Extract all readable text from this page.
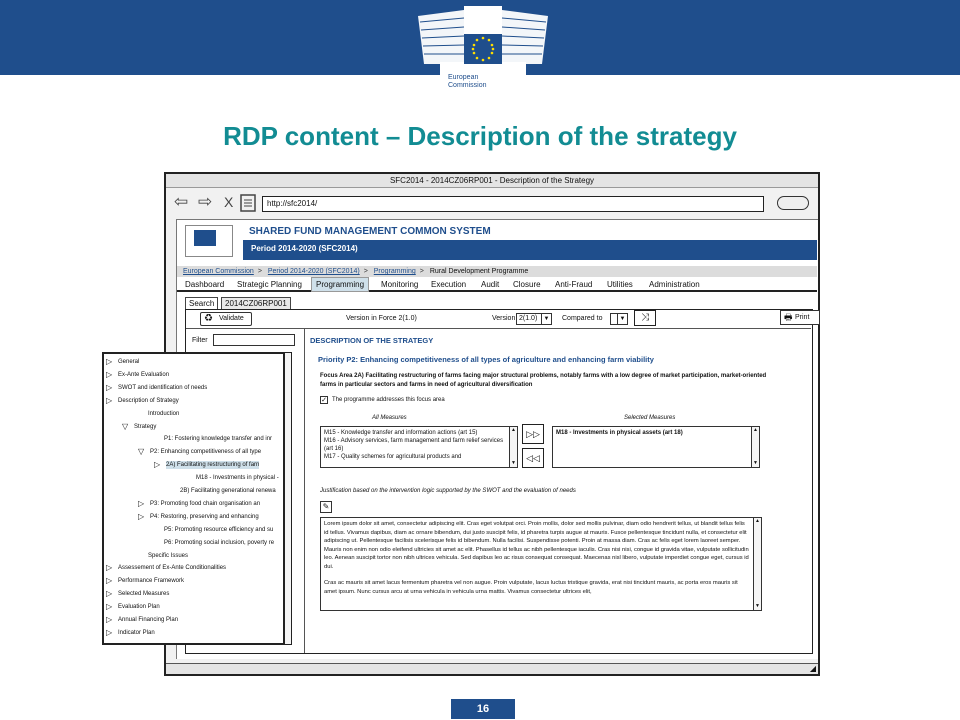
European
Commission
RDP content – Description of the strategy
SFC2014 - 2014CZ06RP001 - Description of the Strategy
⇦ ⇨ X	http://sfc2014/
SHARED FUND MANAGEMENT COMMON SYSTEM
Period 2014-2020 (SFC2014)
European Commission > Period 2014-2020 (SFC2014) > Programming > Rural Development Programme
Dashboard Strategic Planning	Programming	Monitoring Execution Audit Closure Anti-Fraud Utilities Administration
Search	2014CZ06RP001
♻ Validate	Version in Force 2(1.0)	Version 2(1.0)	▼ Compared to	▼	⤨	🖶 Print
Filter	DESCRIPTION OF THE STRATEGY
Priority P2: Enhancing competitiveness of all types of agriculture and enhancing farm viability
Focus Area 2A) Facilitating restructuring of farms facing major structural problems, notably farms with a low degree of market participation, market-oriented farms in particular sectors and farms in need of agricultural diversification
✓ The programme addresses this focus area
All Measures	Selected Measures
M15 - Knowledge transfer and information actions (art 15)
M16 - Advisory services, farm management and farm relief services (art 16)
M17 - Quality schemes for agricultural products and
▲
▼
▷▷
◁◁
M18 - Investments in physical assets (art 18)	▲
▼
Justification based on the intervention logic supported by the SWOT and the evaluation of needs
✎

Lorem ipsum dolor sit amet, consectetur adipiscing elit. Cras eget volutpat orci. Proin mollis, dolor sed mollis pulvinar, diam odio hendrerit tellus, ut blandit tellus felis id tellus. Vivamus dapibus, diam ac ornare bibendum, dui justo suscipit felis, id pharetra turpis augue at mauris. Fusce pellentesque tincidunt nulla, et consectetur elit adipiscing ut. Pellentesque facilisis scelerisque felis id bibendum. Nulla facilisi. Suspendisse potenti. Proin at massa diam. Cras ac felis eget lorem laoreet semper. Mauris non enim non odio eleifend ultricies sit amet ac elit. Phasellus id tellus ac nibh pellentesque iaculis. Cras nisi nisi, congue id gravida vitae, vulputate sollicitudin leo. Aenean suscipit tortor non nibh ultrices vehicula. Sed dapibus leo ac risus consequat consequat. Maecenas nisl libero, vulputate imperdiet congue eget, cursus id dui.

Cras ac mauris sit amet lacus fermentum pharetra vel non augue. Proin vulputate, lacus luctus tristique gravida, erat nisi tincidunt mauris, ac porta eros mauris sit amet ipsum. Nunc cursus arcu at urna vehicula in vehicula urna mattis. Vivamus consectetur ultrices elit,

▲
▼
◢
General
▷
Ex-Ante Evaluation
▷
SWOT and identification of needs
▷
Description of Strategy
▷
Introduction
Strategy
▽
P1: Fostering knowledge transfer and inr
P2: Enhancing competitiveness of all type
▽
2A) Facilitating restructuring of farn
▷
M18 - Investments in physical -
2B) Facilitating generational renewa
P3: Promoting food chain organisation an
▷
P4: Restoring, preserving and enhancing
▷
P5: Promoting resource efficiency and su
P6: Promoting social inclusion, poverty re
Specific Issues
Assessement of Ex-Ante Conditionalities
▷
Performance Framework
▷
Selected Measures
▷
Evaluation Plan
▷
Annual Financing Plan
▷
Indicator Plan
▷
16
